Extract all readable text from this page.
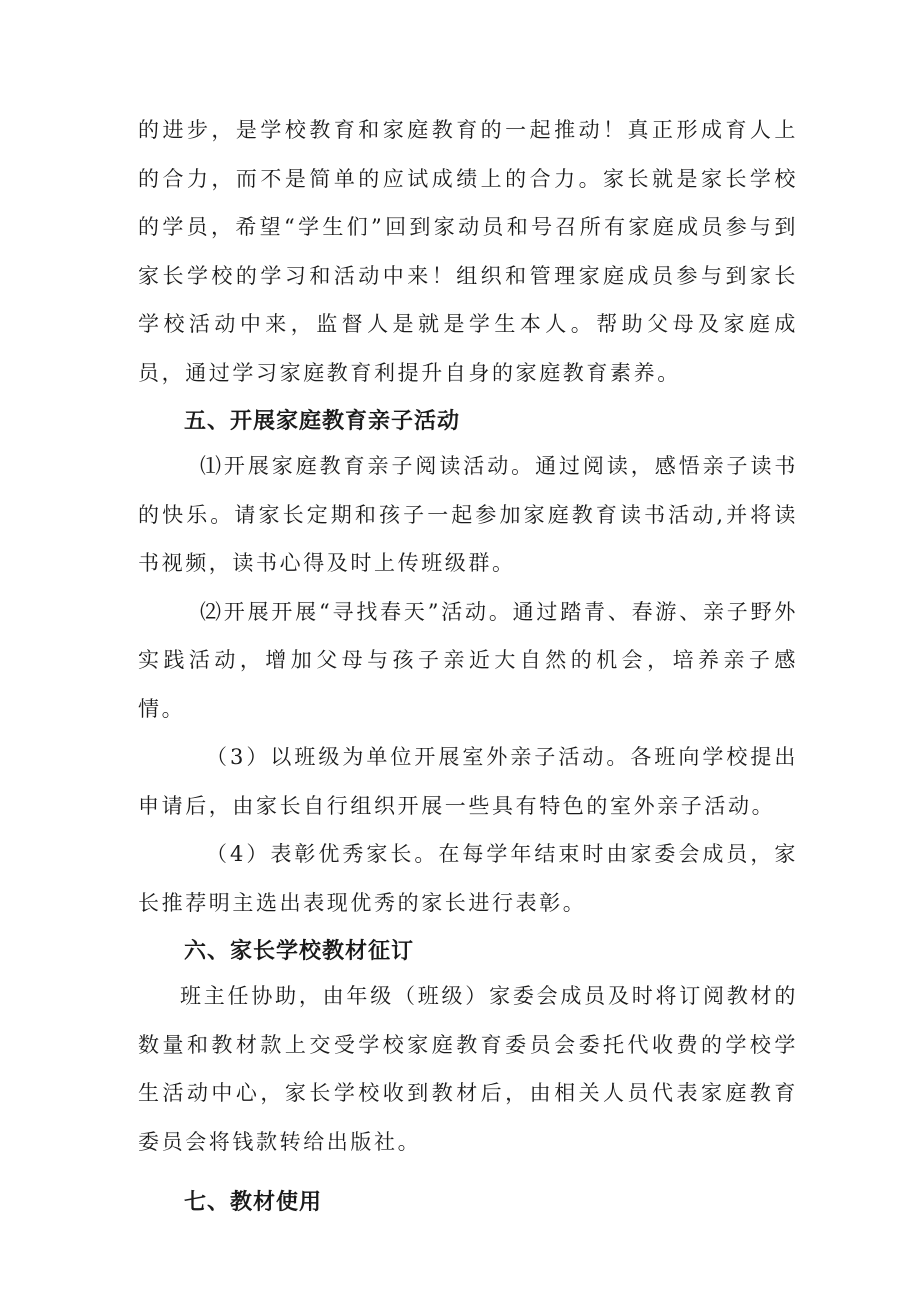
的进步，是学校教育和家庭教育的一起推动！真正形成育人上的合力，而不是简单的应试成绩上的合力。家长就是家长学校的学员，希望“学生们”回到家动员和号召所有家庭成员参与到家长学校的学习和活动中来！组织和管理家庭成员参与到家长学校活动中来，监督人是就是学生本人。帮助父母及家庭成员，通过学习家庭教育利提升自身的家庭教育素养。

五、开展家庭教育亲子活动

⑴开展家庭教育亲子阅读活动。通过阅读，感悟亲子读书的快乐。请家长定期和孩子一起参加家庭教育读书活动,并将读书视频，读书心得及时上传班级群。

⑵开展开展“寻找春天”活动。通过踏青、春游、亲子野外实践活动，增加父母与孩子亲近大自然的机会，培养亲子感情。

（3）以班级为单位开展室外亲子活动。各班向学校提出申请后，由家长自行组织开展一些具有特色的室外亲子活动。

（4）表彰优秀家长。在每学年结束时由家委会成员，家长推荐明主选出表现优秀的家长进行表彰。

六、家长学校教材征订

班主任协助，由年级（班级）家委会成员及时将订阅教材的数量和教材款上交受学校家庭教育委员会委托代收费的学校学生活动中心，家长学校收到教材后，由相关人员代表家庭教育委员会将钱款转给出版社。

七、教材使用
